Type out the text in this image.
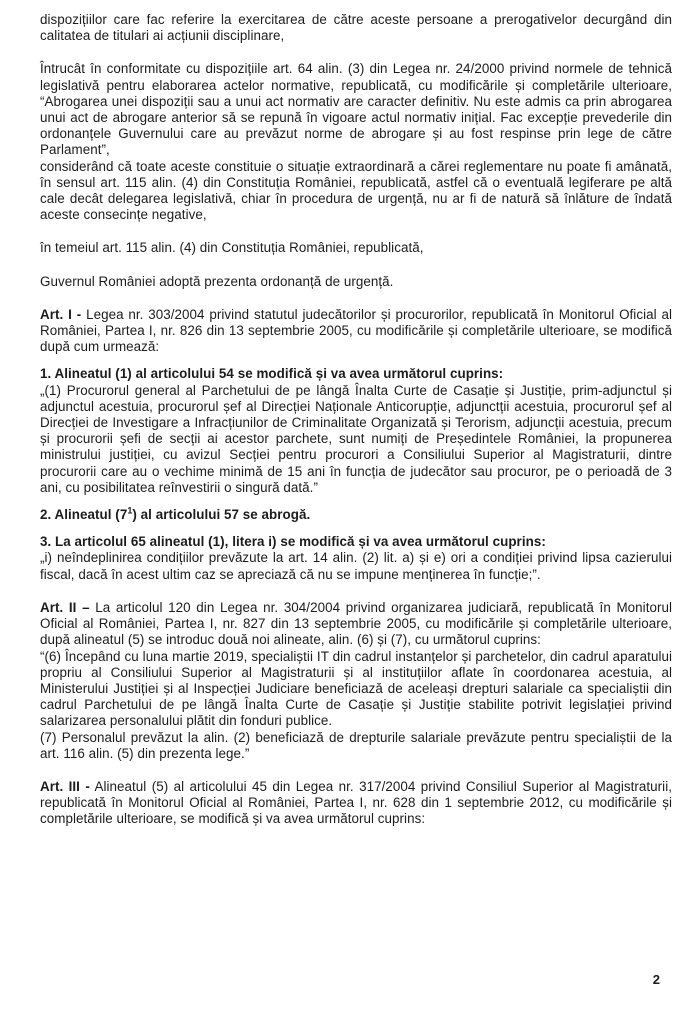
dispozițiilor care fac referire la exercitarea de către aceste persoane a prerogativelor decurgând din calitatea de titulari ai acțiunii disciplinare,

Întrucât în conformitate cu dispozițiile art. 64 alin. (3) din Legea nr. 24/2000 privind normele de tehnică legislativă pentru elaborarea actelor normative, republicată, cu modificările și completările ulterioare, “Abrogarea unei dispoziții sau a unui act normativ are caracter definitiv. Nu este admis ca prin abrogarea unui act de abrogare anterior să se repună în vigoare actul normativ inițial. Fac excepție prevederile din ordonanțele Guvernului care au prevăzut norme de abrogare și au fost respinse prin lege de către Parlament”,

considerând că toate aceste constituie o situație extraordinară a cărei reglementare nu poate fi amânată, în sensul art. 115 alin. (4) din Constituția României, republicată, astfel că o eventuală legiferare pe altă cale decât delegarea legislativă, chiar în procedura de urgență, nu ar fi de natură să înlăture de îndată aceste consecințe negative,

în temeiul art. 115 alin. (4) din Constituția României, republicată,

Guvernul României adoptă prezenta ordonanță de urgență.

Art. I - Legea nr. 303/2004 privind statutul judecătorilor și procurorilor, republicată în Monitorul Oficial al României, Partea I, nr. 826 din 13 septembrie 2005, cu modificările și completările ulterioare, se modifică după cum urmează:

1. Alineatul (1) al articolului 54 se modifică și va avea următorul cuprins:

„(1) Procurorul general al Parchetului de pe lângă Înalta Curte de Casație și Justiție, prim-adjunctul și adjunctul acestuia, procurorul șef al Direcției Naționale Anticorupție, adjunctții acestuia, procurorul șef al Direcției de Investigare a Infracțiunilor de Criminalitate Organizată și Terorism, adjuncții acestuia, precum și procurorii șefi de secții ai acestor parchete, sunt numiți de Președintele României, la propunerea ministrului justiției, cu avizul Secției pentru procurori a Consiliului Superior al Magistraturii, dintre procurorii care au o vechime minimă de 15 ani în funcția de judecător sau procuror, pe o perioadă de 3 ani, cu posibilitatea reînvestirii o singură dată.”

2. Alineatul $(7^1)$ al articolului 57 se abrogă.

3. La articolul 65 alineatul (1), litera i) se modifică și va avea următorul cuprins:

„i) neîndeplinirea condițiilor prevăzute la art. 14 alin. (2) lit. a) și e) ori a condiției privind lipsa cazierului fiscal, dacă în acest ultim caz se apreciază că nu se impune menținerea în funcție;”.

Art. II – La articolul 120 din Legea nr. 304/2004 privind organizarea judiciară, republicată în Monitorul Oficial al României, Partea I, nr. 827 din 13 septembrie 2005, cu modificările și completările ulterioare, după alineatul (5) se introduc două noi alineate, alin. (6) și (7), cu următorul cuprins:

“(6) Începând cu luna martie 2019, specialiștii IT din cadrul instanțelor și parchetelor, din cadrul aparatului propriu al Consiliului Superior al Magistraturii și al instituțiilor aflate în coordonarea acestuia, al Ministerului Justiției și al Inspecției Judiciare beneficiază de aceleași drepturi salariale ca specialiștii din cadrul Parchetului de pe lângă Înalta Curte de Casație și Justiție stabilite potrivit legislației privind salarizarea personalului plătit din fonduri publice.

(7) Personalul prevăzut la alin. (2) beneficiază de drepturile salariale prevăzute pentru specialiștii de la art. 116 alin. (5) din prezenta lege.”

Art. III - Alineatul (5) al articolului 45 din Legea nr. 317/2004 privind Consiliul Superior al Magistraturii, republicată în Monitorul Oficial al României, Partea I, nr. 628 din 1 septembrie 2012, cu modificările și completările ulterioare, se modifică și va avea următorul cuprins:

2
